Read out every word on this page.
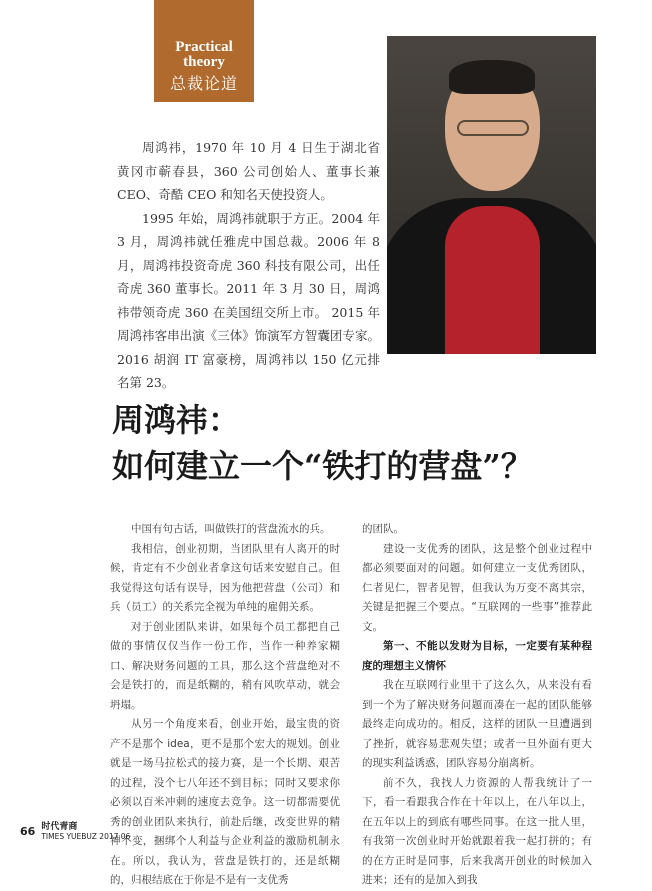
Practical
theory
总裁论道

周鸿祎，1970 年 10 月 4 日生于湖北省黄冈市蕲春县，360 公司创始人、董事长兼 CEO、奇酷 CEO 和知名天使投资人。

1995 年始，周鸿祎就职于方正。2004 年 3 月，周鸿祎就任雅虎中国总裁。2006 年 8 月，周鸿祎投资奇虎 360 科技有限公司，出任奇虎 360 董事长。2011 年 3 月 30 日，周鸿祎带领奇虎 360 在美国纽交所上市。 2015 年周鸿祎客串出演《三体》饰演军方智囊团专家。2016 胡润 IT 富豪榜，周鸿祎以 150 亿元排名第 23。

周鸿祎：
如何建立一个“铁打的营盘”？

中国有句古话，叫做铁打的营盘流水的兵。

我相信，创业初期，当团队里有人离开的时候，肯定有不少创业者拿这句话来安慰自己。但我觉得这句话有误导，因为他把营盘（公司）和兵（员工）的关系完全视为单纯的雇佣关系。

对于创业团队来讲，如果每个员工都把自己做的事情仅仅当作一份工作，当作一种养家糊口、解决财务问题的工具，那么这个营盘绝对不会是铁打的，而是纸糊的，稍有风吹草动，就会坍塌。

从另一个角度来看，创业开始，最宝贵的资产不是那个 idea，更不是那个宏大的规划。创业就是一场马拉松式的接力赛，是一个长期、艰苦的过程，没个七八年还不到目标；同时又要求你必须以百米冲刺的速度去竞争。这一切都需要优秀的创业团队来执行，前赴后继，改变世界的精神不变，捆绑个人利益与企业利益的激励机制永在。所以，我认为，营盘是铁打的，还是纸糊的，归根结底在于你是不是有一支优秀

的团队。

建设一支优秀的团队，这是整个创业过程中都必须要面对的问题。如何建立一支优秀团队，仁者见仁，智者见智，但我认为万变不离其宗，关键是把握三个要点。“互联网的一些事”推荐此文。

第一、不能以发财为目标，一定要有某种程度的理想主义情怀

我在互联网行业里干了这么久，从来没有看到一个为了解决财务问题而凑在一起的团队能够最终走向成功的。相反，这样的团队一旦遭遇到了挫折，就容易悲观失望；或者一旦外面有更大的现实利益诱惑，团队容易分崩离析。

前不久，我找人力资源的人帮我统计了一下，看一看跟我合作在十年以上，在八年以上，在五年以上的到底有哪些同事。在这一批人里，有我第一次创业时开始就跟着我一起打拼的；有的在方正时是同事，后来我离开创业的时候加入进来；还有的是加入到我

66 时代青商
TIMES YUEBUZ 2017·06
